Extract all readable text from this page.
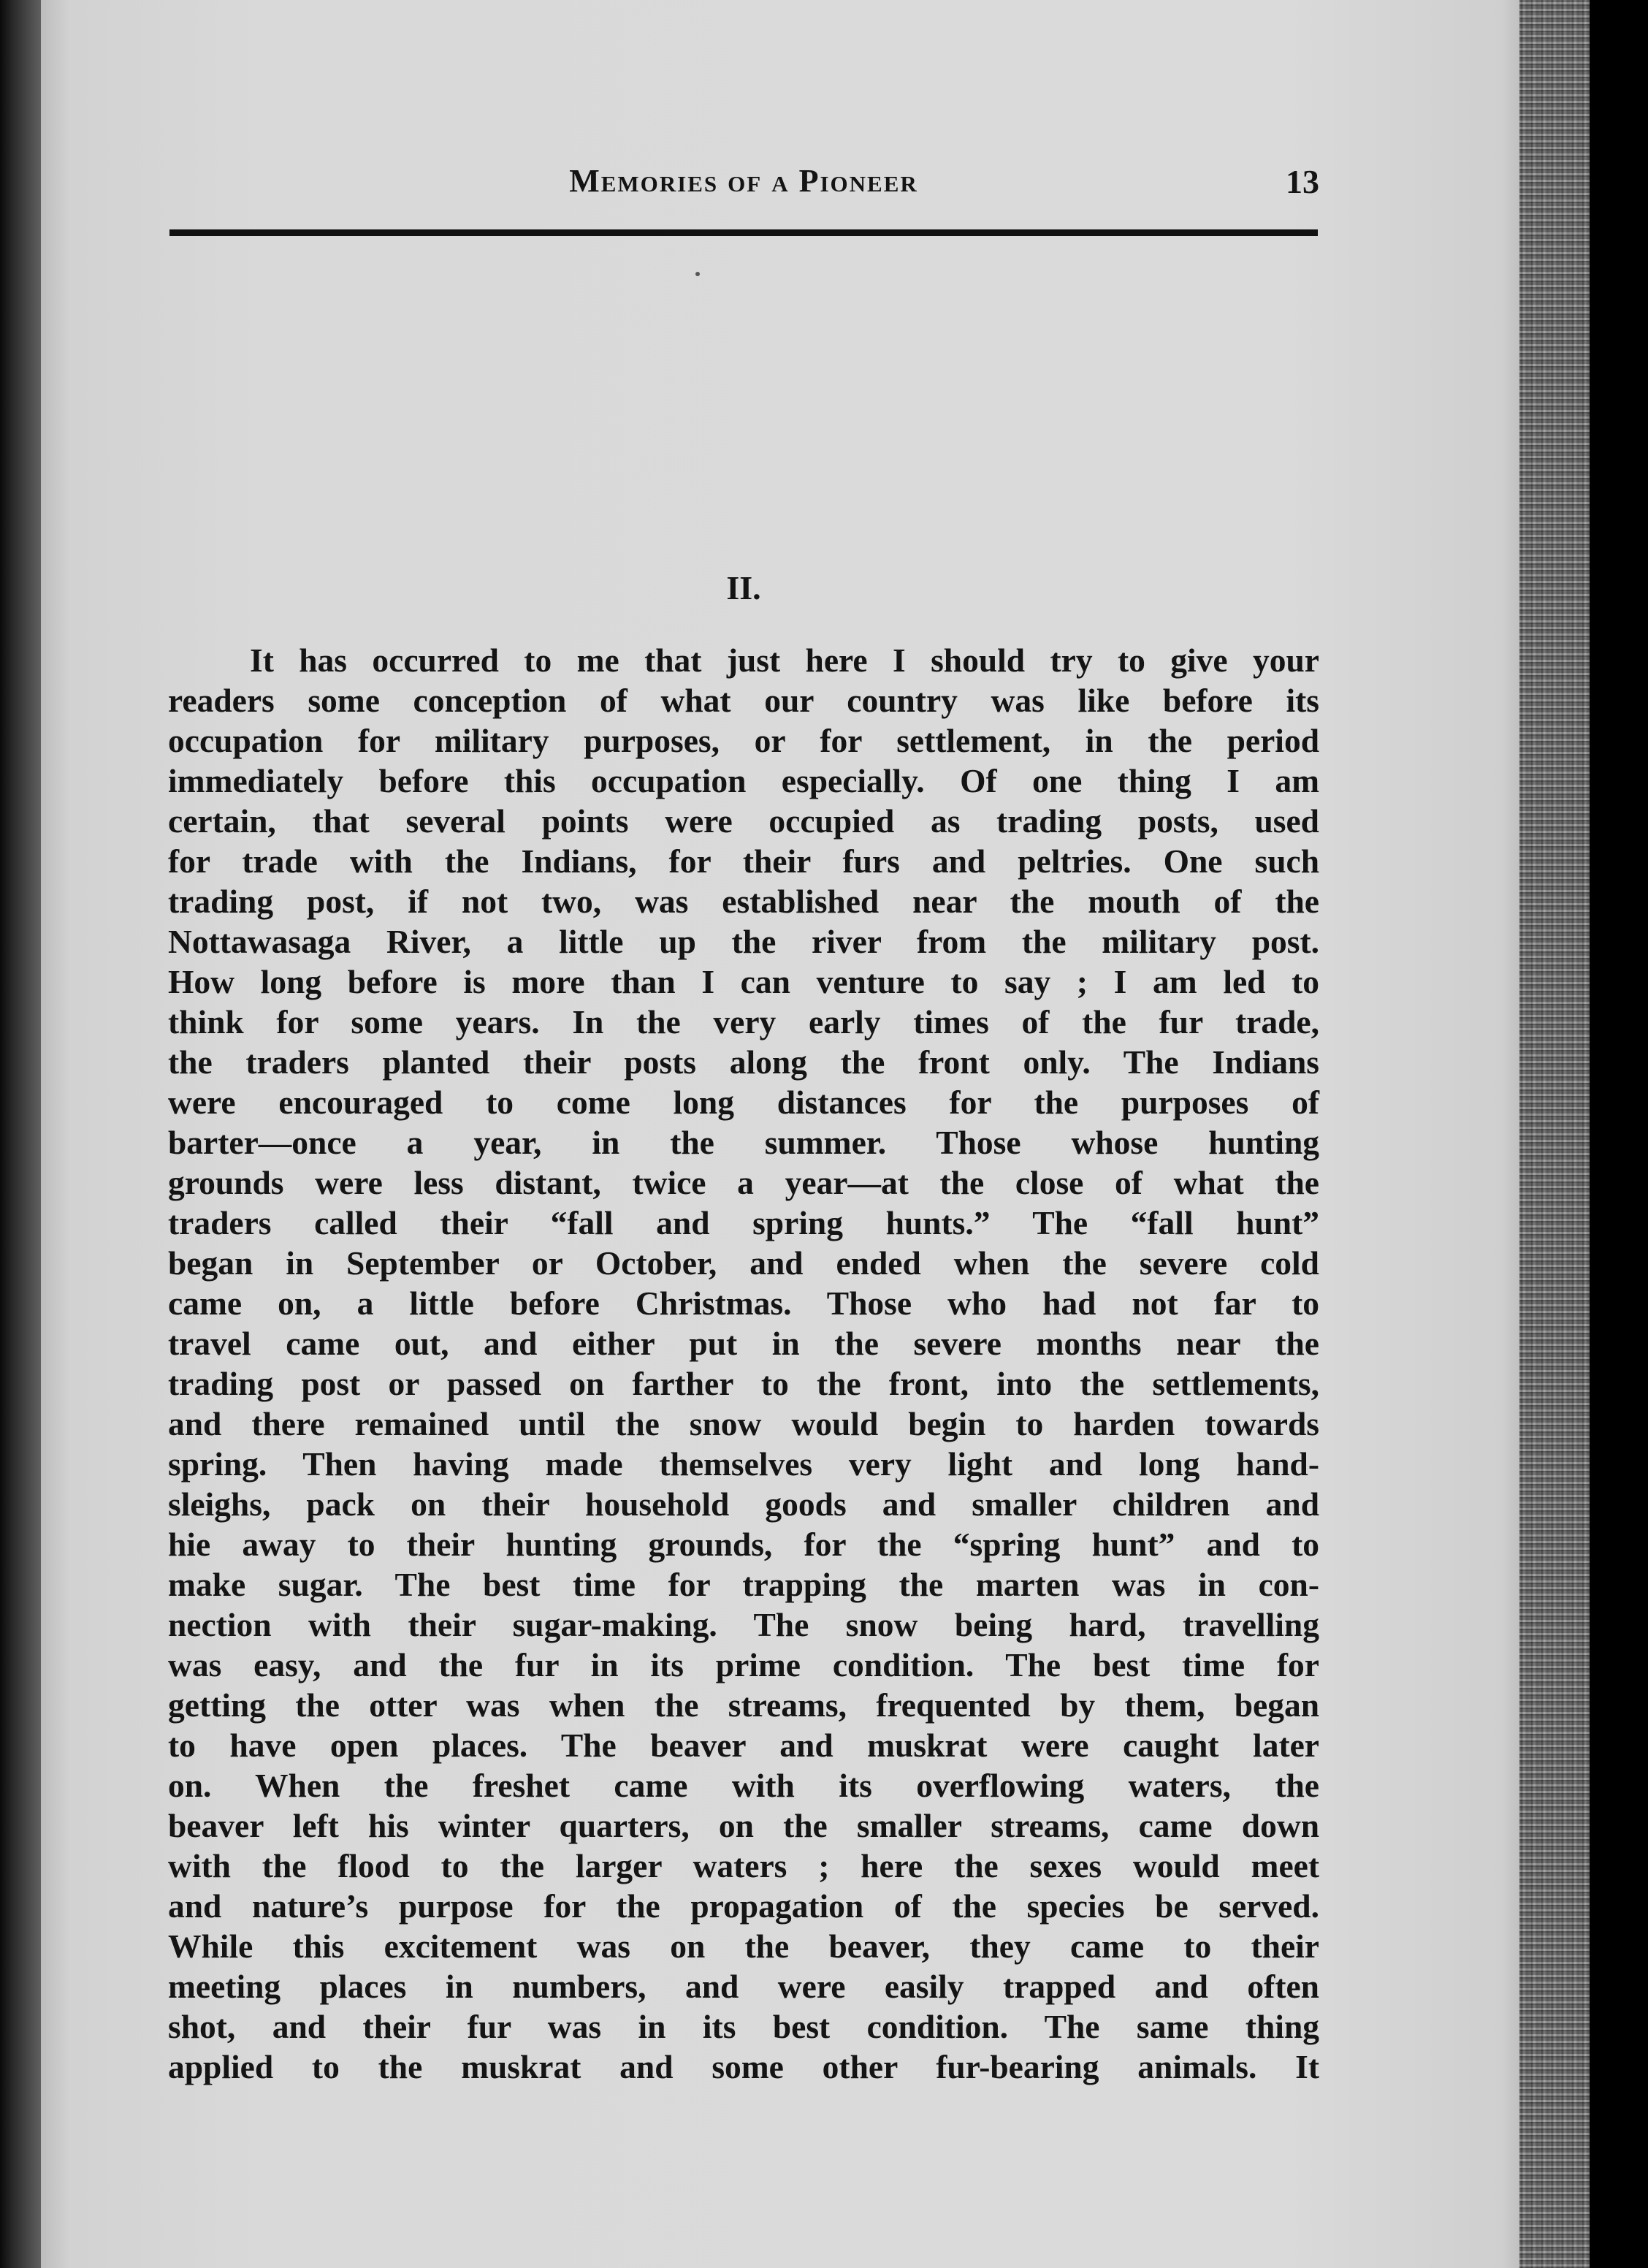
Memories of a Pioneer	13
II.
It has occurred to me that just here I should try to give your
readers some conception of what our country was like before its
occupation for military purposes, or for settlement, in the period
immediately before this occupation especially. Of one thing I am
certain, that several points were occupied as trading posts, used
for trade with the Indians, for their furs and peltries. One such
trading post, if not two, was established near the mouth of the
Nottawasaga River, a little up the river from the military post.
How long before is more than I can venture to say ; I am led to
think for some years. In the very early times of the fur trade,
the traders planted their posts along the front only. The Indians
were encouraged to come long distances for the purposes of
barter—once a year, in the summer. Those whose hunting
grounds were less distant, twice a year—at the close of what the
traders called their “fall and spring hunts.” The “fall hunt”
began in September or October, and ended when the severe cold
came on, a little before Christmas. Those who had not far to
travel came out, and either put in the severe months near the
trading post or passed on farther to the front, into the settlements,
and there remained until the snow would begin to harden towards
spring. Then having made themselves very light and long hand-
sleighs, pack on their household goods and smaller children and
hie away to their hunting grounds, for the “spring hunt” and to
make sugar. The best time for trapping the marten was in con-
nection with their sugar-making. The snow being hard, travelling
was easy, and the fur in its prime condition. The best time for
getting the otter was when the streams, frequented by them, began
to have open places. The beaver and muskrat were caught later
on. When the freshet came with its overflowing waters, the
beaver left his winter quarters, on the smaller streams, came down
with the flood to the larger waters ; here the sexes would meet
and nature’s purpose for the propagation of the species be served.
While this excitement was on the beaver, they came to their
meeting places in numbers, and were easily trapped and often
shot, and their fur was in its best condition. The same thing
applied to the muskrat and some other fur-bearing animals. It
